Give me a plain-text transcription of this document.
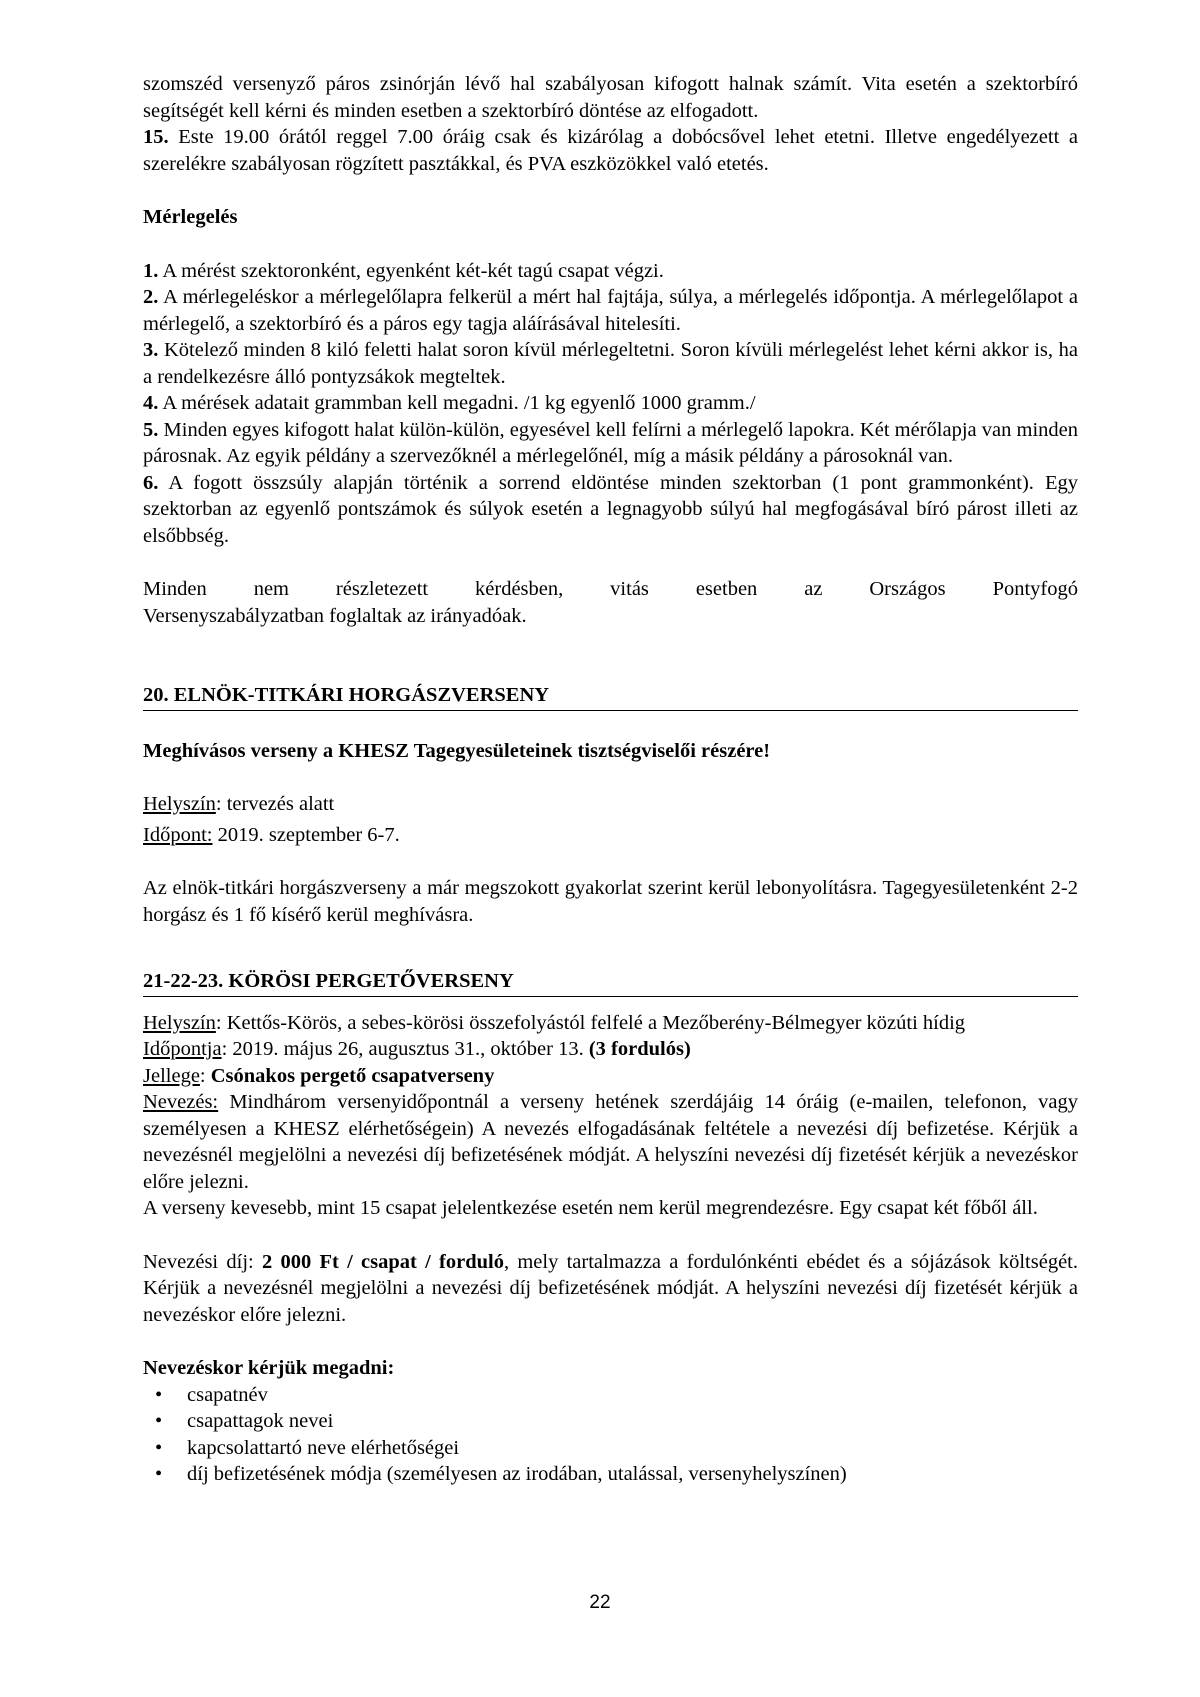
szomszéd versenyző páros zsinórján lévő hal szabályosan kifogott halnak számít. Vita esetén a szektorbíró segítségét kell kérni és minden esetben a szektorbíró döntése az elfogadott.

15. Este 19.00 órától reggel 7.00 óráig csak és kizárólag a dobócsővel lehet etetni. Illetve engedélyezett a szerelékre szabályosan rögzített pasztákkal, és PVA eszközökkel való etetés.

Mérlegelés

1. A mérést szektoronként, egyenként két-két tagú csapat végzi.

2. A mérlegeléskor a mérlegelőlapra felkerül a mért hal fajtája, súlya, a mérlegelés időpontja. A mérlegelőlapot a mérlegelő, a szektorbíró és a páros egy tagja aláírásával hitelesíti.

3. Kötelező minden 8 kiló feletti halat soron kívül mérlegeltetni. Soron kívüli mérlegelést lehet kérni akkor is, ha a rendelkezésre álló pontyzsákok megteltek.

4. A mérések adatait grammban kell megadni. /1 kg egyenlő 1000 gramm./

5. Minden egyes kifogott halat külön-külön, egyesével kell felírni a mérlegelő lapokra. Két mérőlapja van minden párosnak. Az egyik példány a szervezőknél a mérlegelőnél, míg a másik példány a párosoknál van.

6. A fogott összsúly alapján történik a sorrend eldöntése minden szektorban (1 pont grammonként). Egy szektorban az egyenlő pontszámok és súlyok esetén a legnagyobb súlyú hal megfogásával bíró párost illeti az elsőbbség.

Minden nem részletezett kérdésben, vitás esetben az Országos Pontyfogó

Versenyszabályzatban foglaltak az irányadóak.

20. ELNÖK-TITKÁRI HORGÁSZVERSENY

Meghívásos verseny a KHESZ Tagegyesületeinek tisztségviselői részére!

Helyszín: tervezés alatt

Időpont: 2019. szeptember 6-7.

Az elnök-titkári horgászverseny a már megszokott gyakorlat szerint kerül lebonyolításra. Tagegyesületenként 2-2 horgász és 1 fő kísérő kerül meghívásra.

21-22-23. KÖRÖSI PERGETŐVERSENY

Helyszín: Kettős-Körös, a sebes-körösi összefolyástól felfelé a Mezőberény-Bélmegyer közúti hídig

Időpontja: 2019. május 26, augusztus 31., október 13. (3 fordulós)

Jellege: Csónakos pergető csapatverseny

Nevezés: Mindhárom versenyidőpontnál a verseny hetének szerdájáig 14 óráig (e-mailen, telefonon, vagy személyesen a KHESZ elérhetőségein) A nevezés elfogadásának feltétele a nevezési díj befizetése. Kérjük a nevezésnél megjelölni a nevezési díj befizetésének módját. A helyszíni nevezési díj fizetését kérjük a nevezéskor előre jelezni.

A verseny kevesebb, mint 15 csapat jelelentkezése esetén nem kerül megrendezésre. Egy csapat két főből áll.

Nevezési díj: 2 000 Ft / csapat / forduló, mely tartalmazza a fordulónkénti ebédet és a sójázások költségét. Kérjük a nevezésnél megjelölni a nevezési díj befizetésének módját. A helyszíni nevezési díj fizetését kérjük a nevezéskor előre jelezni.

Nevezéskor kérjük megadni:

• csapatnév
• csapattagok nevei
• kapcsolattartó neve elérhetőségei
• díj befizetésének módja (személyesen az irodában, utalással, versenyhelyszínen)
22
